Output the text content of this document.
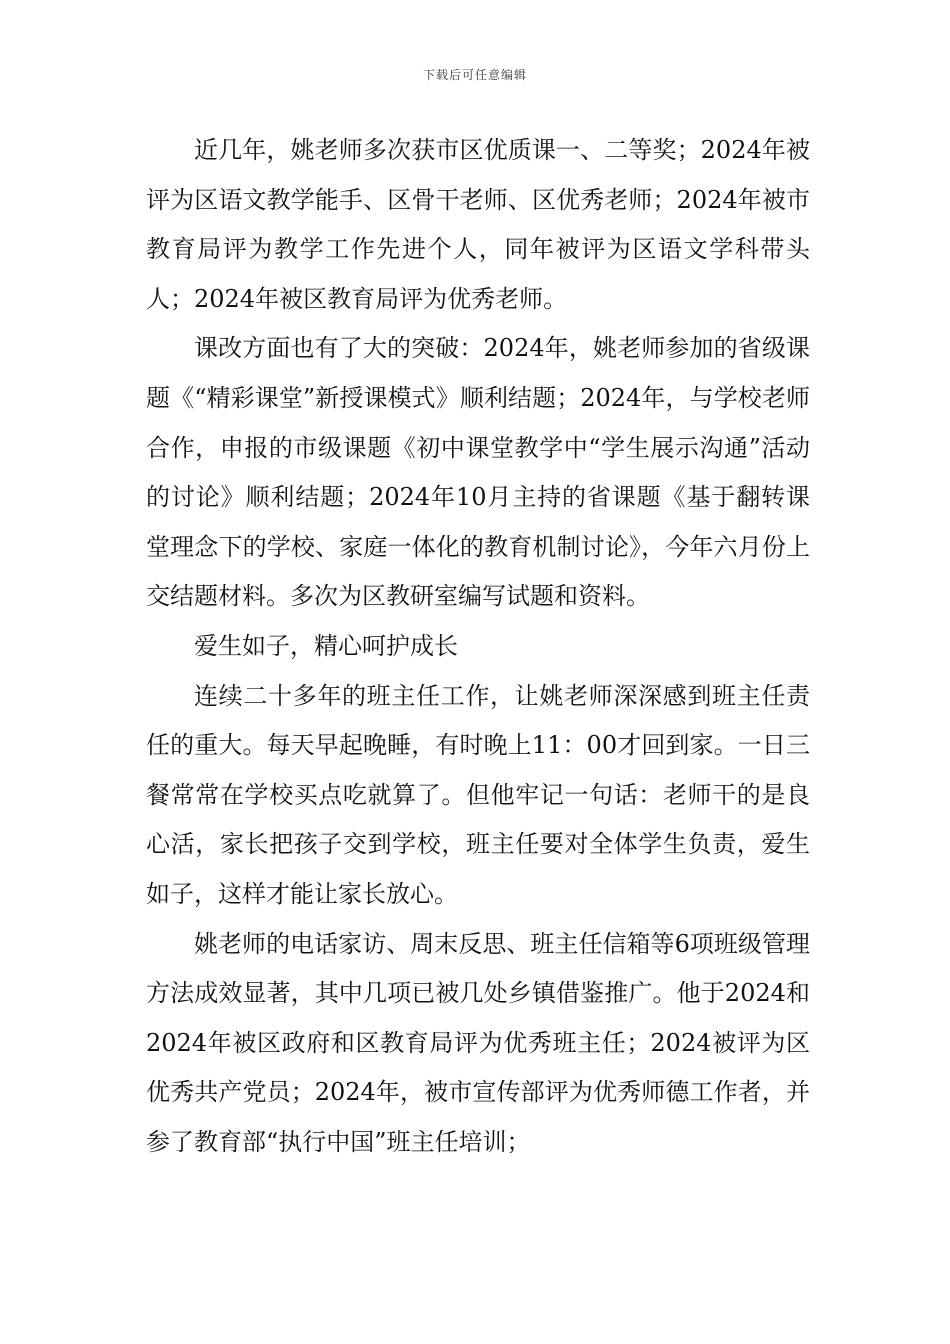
下载后可任意编辑

近几年，姚老师多次获市区优质课一、二等奖；2024年被评为区语文教学能手、区骨干老师、区优秀老师；2024年被市教育局评为教学工作先进个人，同年被评为区语文学科带头人；2024年被区教育局评为优秀老师。

课改方面也有了大的突破：2024年，姚老师参加的省级课题《“精彩课堂”新授课模式》顺利结题；2024年，与学校老师合作，申报的市级课题《初中课堂教学中“学生展示沟通”活动的讨论》顺利结题；2024年10月主持的省课题《基于翻转课堂理念下的学校、家庭一体化的教育机制讨论》，今年六月份上交结题材料。多次为区教研室编写试题和资料。

爱生如子，精心呵护成长

连续二十多年的班主任工作，让姚老师深深感到班主任责任的重大。每天早起晚睡，有时晚上11：00才回到家。一日三餐常常在学校买点吃就算了。但他牢记一句话：老师干的是良心活，家长把孩子交到学校，班主任要对全体学生负责，爱生如子，这样才能让家长放心。

姚老师的电话家访、周末反思、班主任信箱等6项班级管理方法成效显著，其中几项已被几处乡镇借鉴推广。他于2024和2024年被区政府和区教育局评为优秀班主任；2024被评为区优秀共产党员；2024年，被市宣传部评为优秀师德工作者，并参了教育部“执行中国”班主任培训；
